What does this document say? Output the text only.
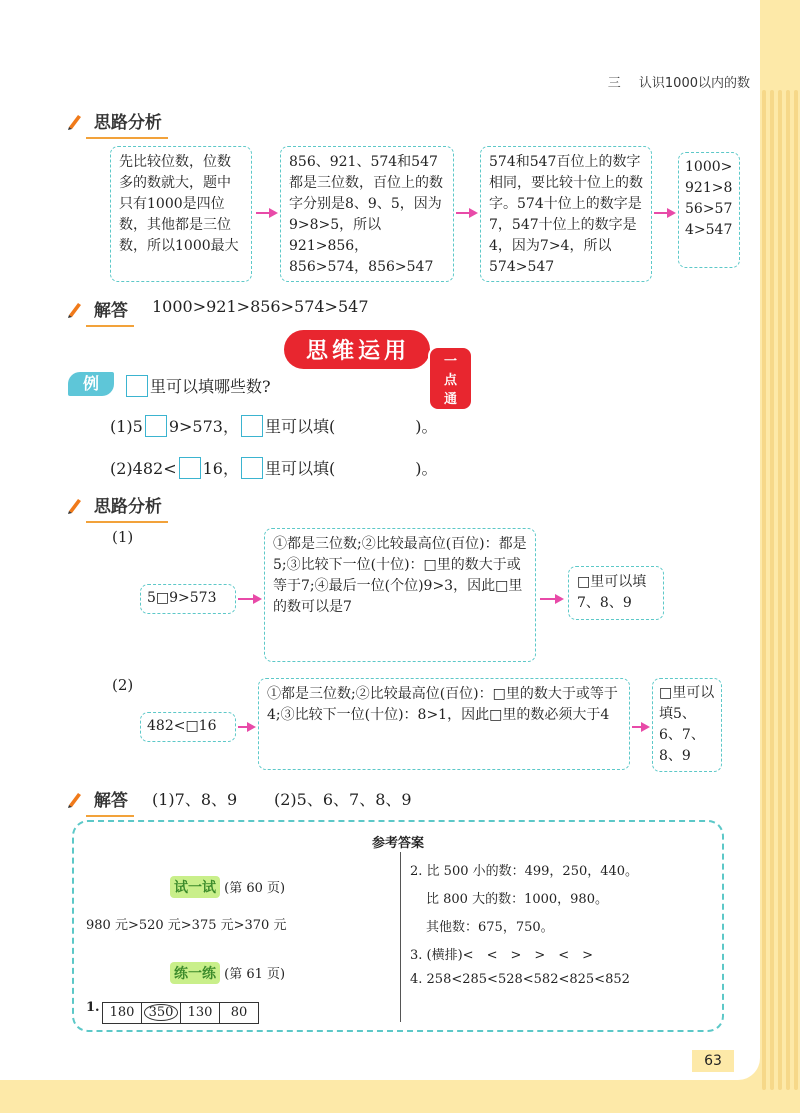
三 认识1000以内的数
思路分析
先比较位数，位数多的数就大，题中只有1000是四位数，其他都是三位数，所以1000最大
856、921、574和547都是三位数，百位上的数字分别是8、9、5，因为9>8>5，所以921>856，856>574，856>547
574和547百位上的数字相同，要比较十位上的数字。574十位上的数字是7，547十位上的数字是4，因为7>4，所以574>547
1000>921>856>574>547
解答 1000>921>856>574>547
思维运用	一点通
例	里可以填哪些数?
(1)5 9>573， 里可以填(　　　　　)。
(2)482< 16， 里可以填(　　　　　)。
思路分析
(1)
5□9>573
①都是三位数;②比较最高位(百位)：都是5;③比较下一位(十位)：□里的数大于或等于7;④最后一位(个位)9>3，因此□里的数可以是7
□里可以填7、8、9
(2)
482<□16
①都是三位数;②比较最高位(百位)：□里的数大于或等于4;③比较下一位(十位)：8>1，因此□里的数必须大于4
□里可以填5、6、7、8、9
解答 (1)7、8、9 (2)5、6、7、8、9
参考答案
试一试 (第 60 页)
980 元>520 元>375 元>370 元
练一练 (第 61 页)
1. 180	350	130	80
2. 比 500 小的数：499，250，440。
比 800 大的数：1000，980。
其他数：675，750。
3. (横排)<　<　>　>　<　>
4. 258<285<528<582<825<852
63
